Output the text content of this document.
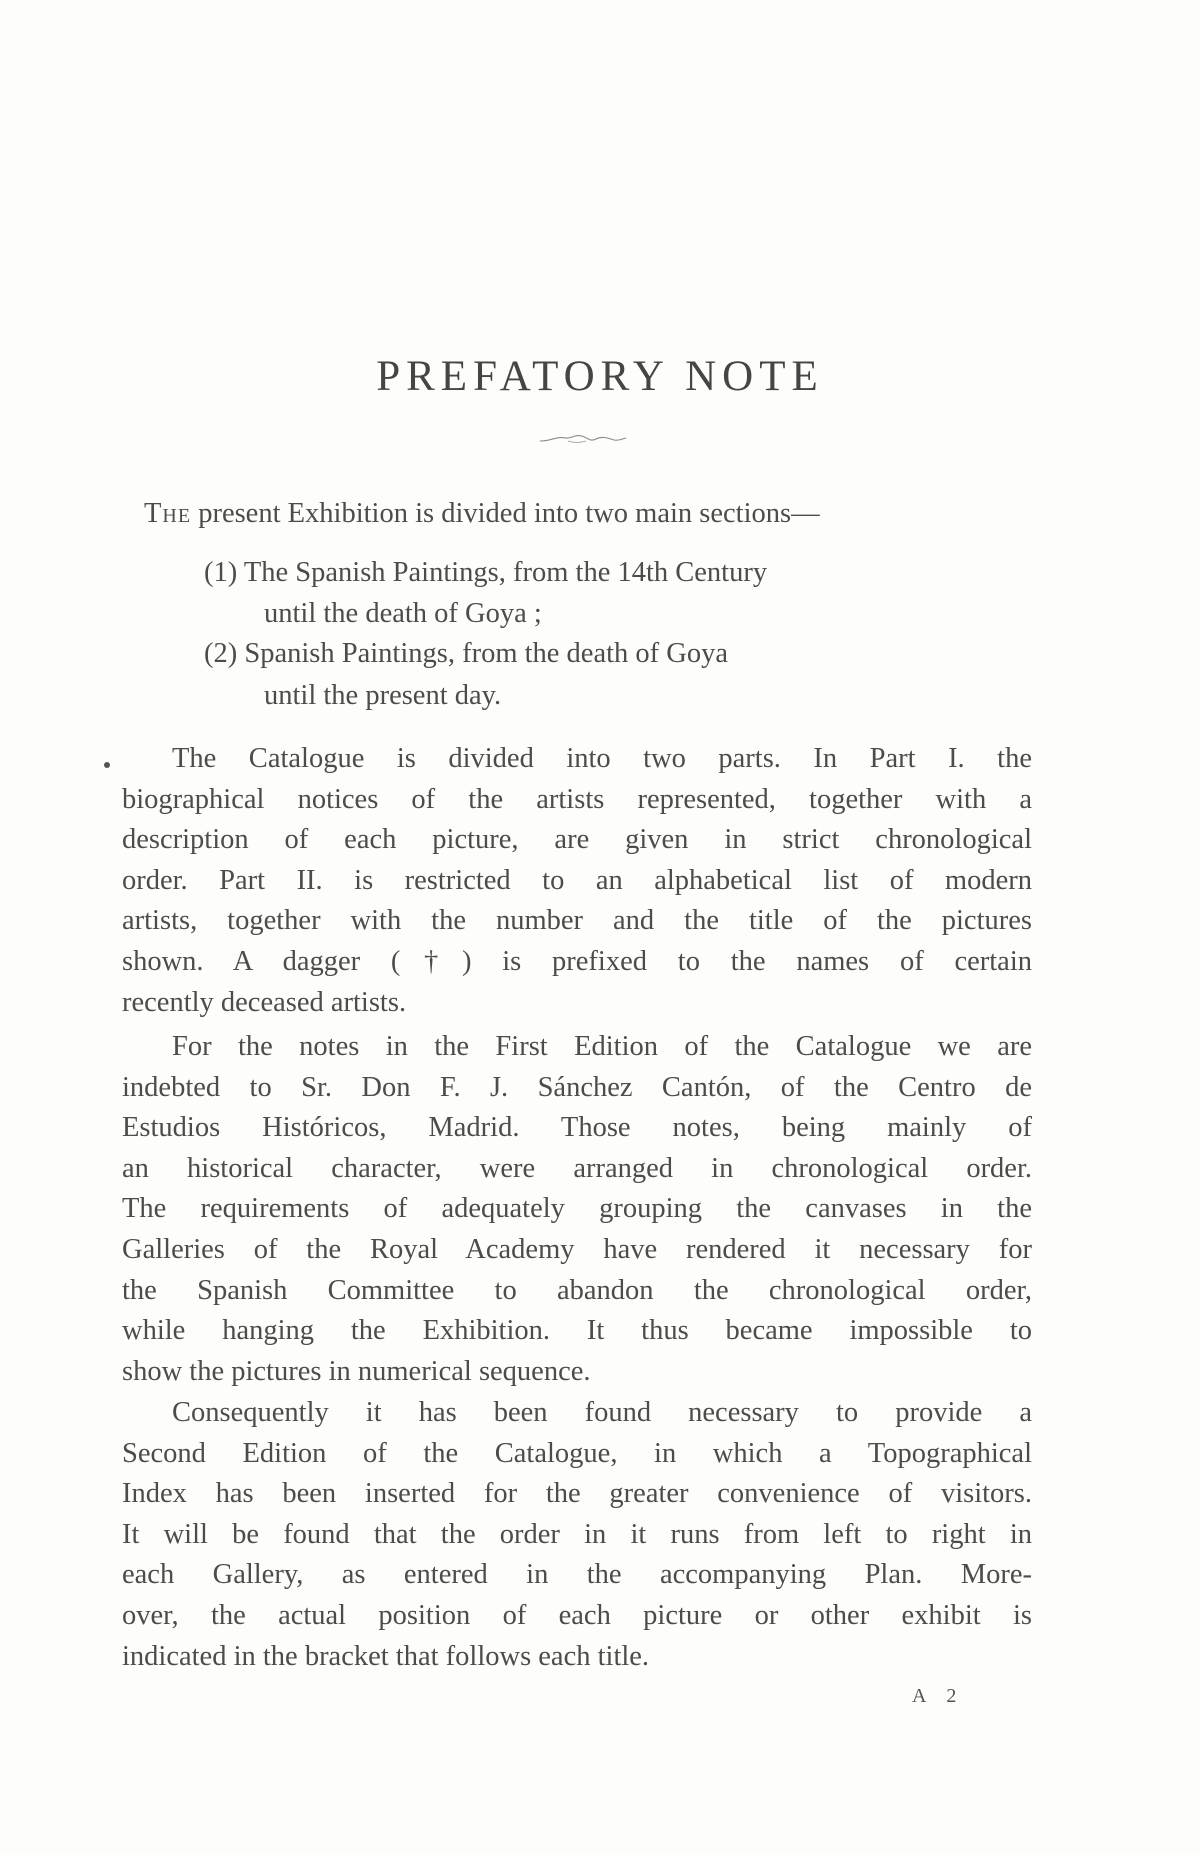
PREFATORY NOTE

The present Exhibition is divided into two main sections—

(1) The Spanish Paintings, from the 14th Century
until the death of Goya ;
(2) Spanish Paintings, from the death of Goya
until the present day.
The Catalogue is divided into two parts. In Part I. the
biographical notices of the artists represented, together with a
description of each picture, are given in strict chronological
order. Part II. is restricted to an alphabetical list of modern
artists, together with the number and the title of the pictures
shown. A dagger (†) is prefixed to the names of certain
recently deceased artists.
For the notes in the First Edition of the Catalogue we are
indebted to Sr. Don F. J. Sánchez Cantón, of the Centro de
Estudios Históricos, Madrid. Those notes, being mainly of
an historical character, were arranged in chronological order.
The requirements of adequately grouping the canvases in the
Galleries of the Royal Academy have rendered it necessary for
the Spanish Committee to abandon the chronological order,
while hanging the Exhibition. It thus became impossible to
show the pictures in numerical sequence.
Consequently it has been found necessary to provide a
Second Edition of the Catalogue, in which a Topographical
Index has been inserted for the greater convenience of visitors.
It will be found that the order in it runs from left to right in
each Gallery, as entered in the accompanying Plan. More-
over, the actual position of each picture or other exhibit is
indicated in the bracket that follows each title.
A 2
